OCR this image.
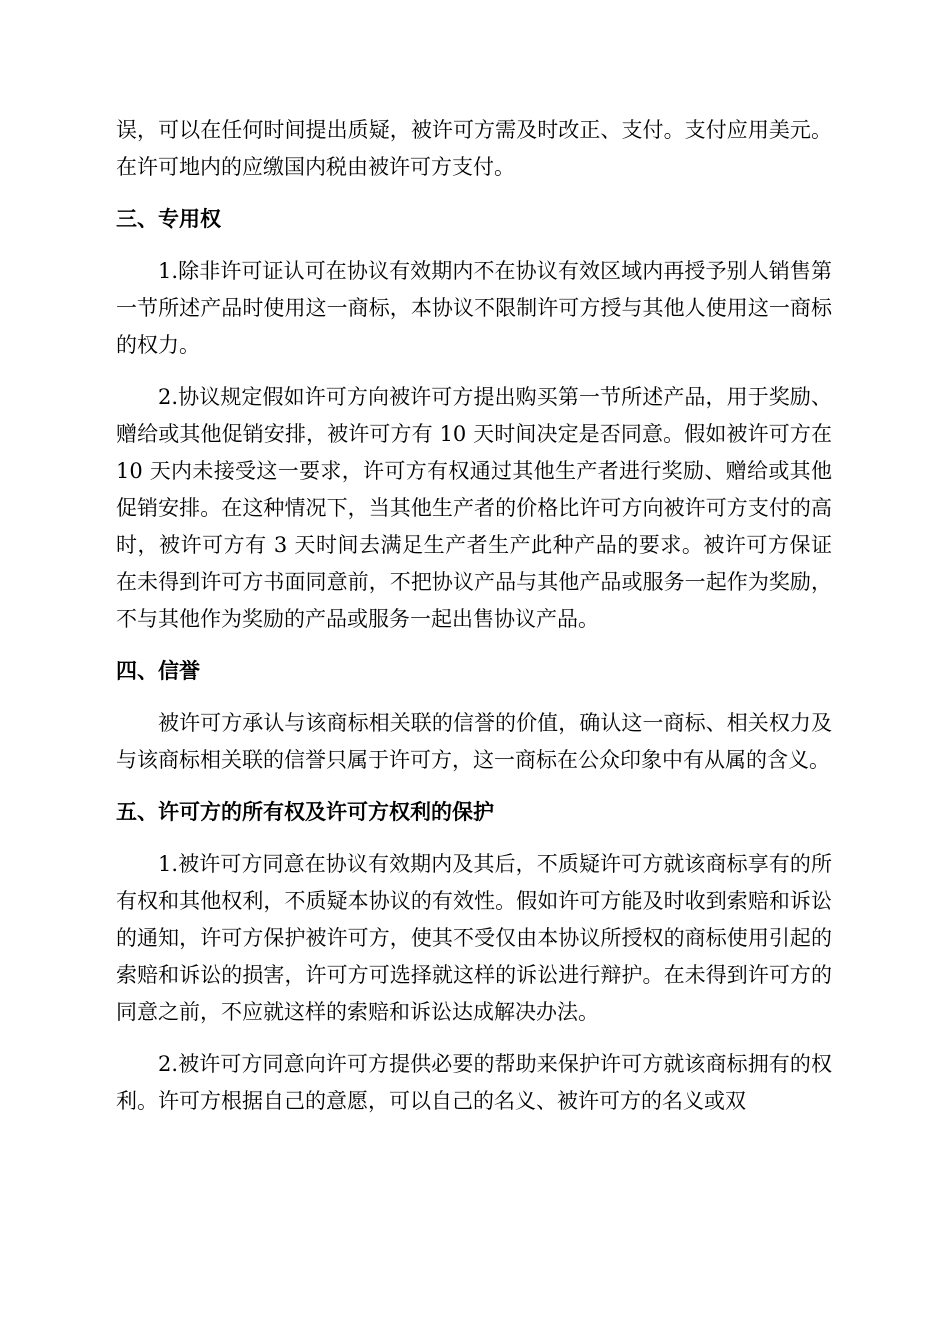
误，可以在任何时间提出质疑，被许可方需及时改正、支付。支付应用美元。在许可地内的应缴国内税由被许可方支付。

三、专用权

1.除非许可证认可在协议有效期内不在协议有效区域内再授予别人销售第一节所述产品时使用这一商标，本协议不限制许可方授与其他人使用这一商标的权力。

2.协议规定假如许可方向被许可方提出购买第一节所述产品，用于奖励、赠给或其他促销安排，被许可方有 10 天时间决定是否同意。假如被许可方在 10 天内未接受这一要求，许可方有权通过其他生产者进行奖励、赠给或其他促销安排。在这种情况下，当其他生产者的价格比许可方向被许可方支付的高时，被许可方有 3 天时间去满足生产者生产此种产品的要求。被许可方保证在未得到许可方书面同意前，不把协议产品与其他产品或服务一起作为奖励，不与其他作为奖励的产品或服务一起出售协议产品。

四、信誉

被许可方承认与该商标相关联的信誉的价值，确认这一商标、相关权力及与该商标相关联的信誉只属于许可方，这一商标在公众印象中有从属的含义。

五、许可方的所有权及许可方权利的保护

1.被许可方同意在协议有效期内及其后，不质疑许可方就该商标享有的所有权和其他权利，不质疑本协议的有效性。假如许可方能及时收到索赔和诉讼的通知，许可方保护被许可方，使其不受仅由本协议所授权的商标使用引起的索赔和诉讼的损害，许可方可选择就这样的诉讼进行辩护。在未得到许可方的同意之前，不应就这样的索赔和诉讼达成解决办法。

2.被许可方同意向许可方提供必要的帮助来保护许可方就该商标拥有的权利。许可方根据自己的意愿，可以自己的名义、被许可方的名义或双
